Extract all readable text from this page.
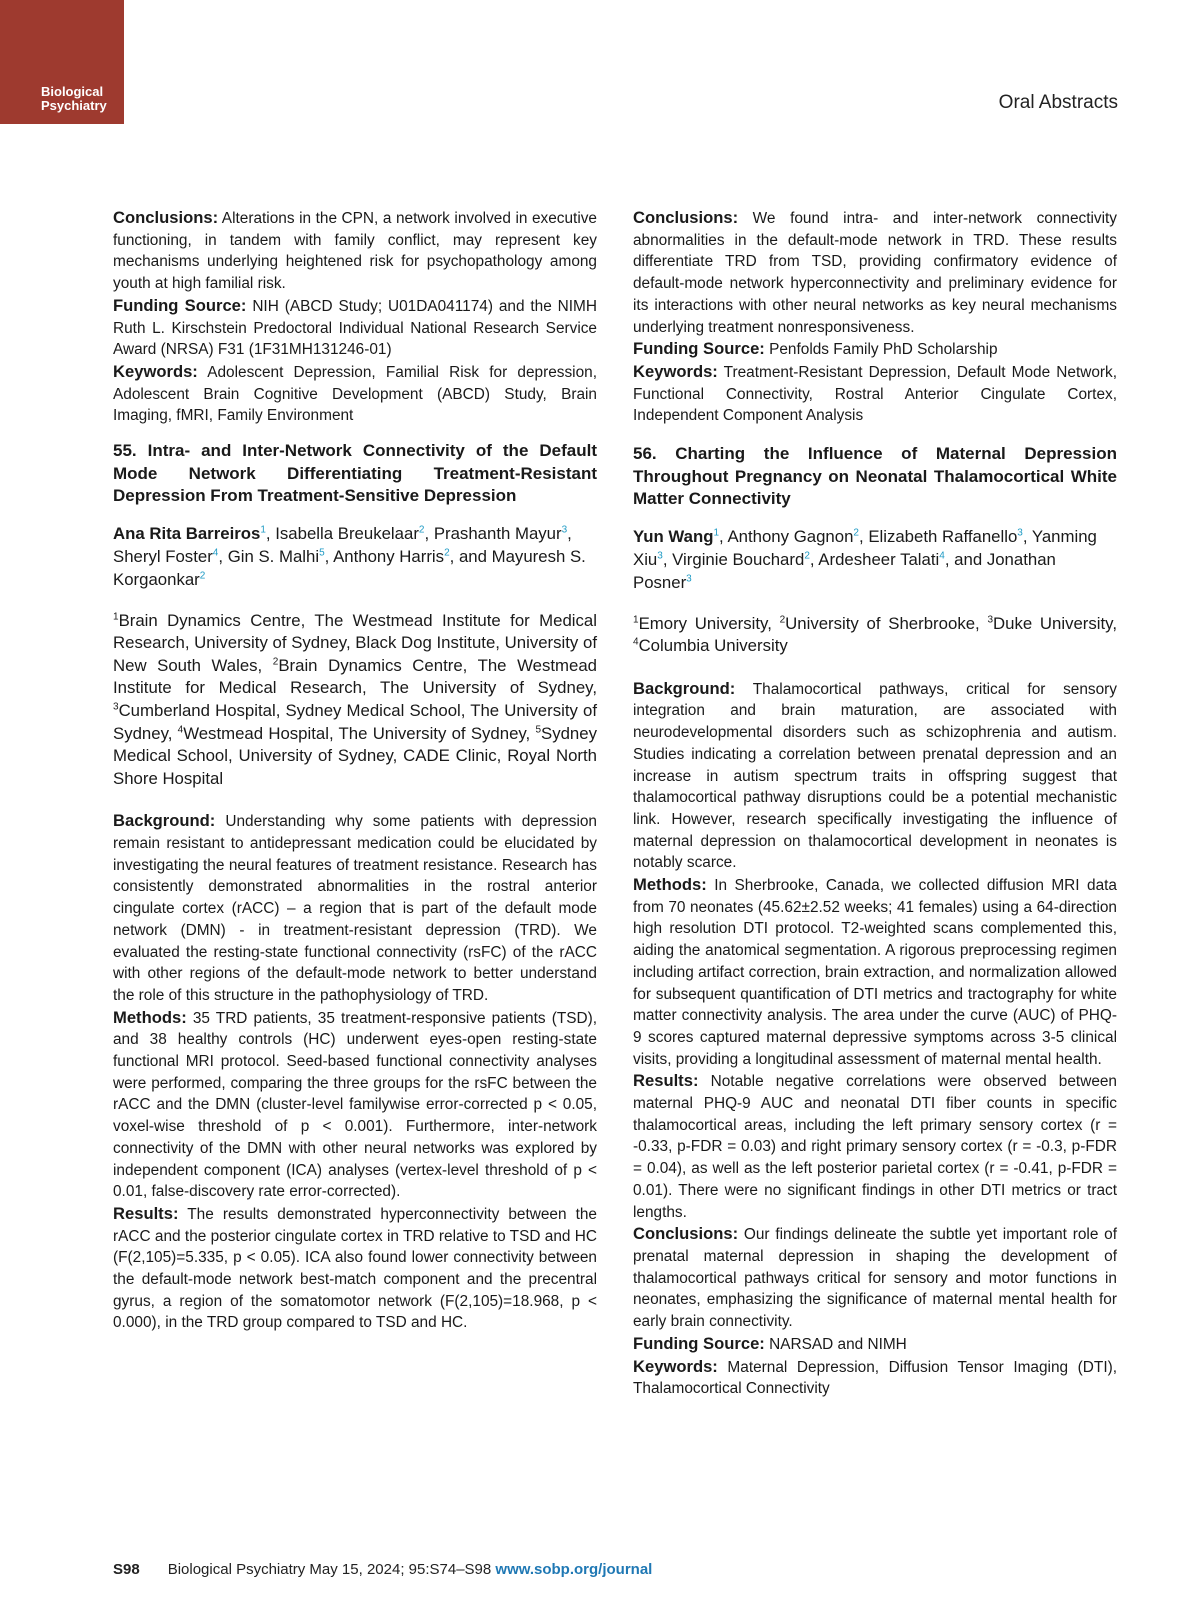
Biological
Psychiatry	Oral Abstracts

Conclusions: Alterations in the CPN, a network involved in executive functioning, in tandem with family conflict, may represent key mechanisms underlying heightened risk for psychopathology among youth at high familial risk.

Funding Source: NIH (ABCD Study; U01DA041174) and the NIMH Ruth L. Kirschstein Predoctoral Individual National Research Service Award (NRSA) F31 (1F31MH131246-01)

Keywords: Adolescent Depression, Familial Risk for depression, Adolescent Brain Cognitive Development (ABCD) Study, Brain Imaging, fMRI, Family Environment

55. Intra- and Inter-Network Connectivity of the Default Mode Network Differentiating Treatment-Resistant Depression From Treatment-Sensitive Depression

Ana Rita Barreiros$^1$, Isabella Breukelaar$^2$, Prashanth Mayur$^3$, Sheryl Foster$^4$, Gin S. Malhi$^5$, Anthony Harris$^2$, and Mayuresh S. Korgaonkar$^2$

$^1$Brain Dynamics Centre, The Westmead Institute for Medical Research, University of Sydney, Black Dog Institute, University of New South Wales, $^2$Brain Dynamics Centre, The Westmead Institute for Medical Research, The University of Sydney, $^3$Cumberland Hospital, Sydney Medical School, The University of Sydney, $^4$Westmead Hospital, The University of Sydney, $^5$Sydney Medical School, University of Sydney, CADE Clinic, Royal North Shore Hospital

Background: Understanding why some patients with depression remain resistant to antidepressant medication could be elucidated by investigating the neural features of treatment resistance. Research has consistently demonstrated abnormalities in the rostral anterior cingulate cortex (rACC) – a region that is part of the default mode network (DMN) - in treatment-resistant depression (TRD). We evaluated the resting-state functional connectivity (rsFC) of the rACC with other regions of the default-mode network to better understand the role of this structure in the pathophysiology of TRD.

Methods: 35 TRD patients, 35 treatment-responsive patients (TSD), and 38 healthy controls (HC) underwent eyes-open resting-state functional MRI protocol. Seed-based functional connectivity analyses were performed, comparing the three groups for the rsFC between the rACC and the DMN (cluster-level familywise error-corrected p < 0.05, voxel-wise threshold of p < 0.001). Furthermore, inter-network connectivity of the DMN with other neural networks was explored by independent component (ICA) analyses (vertex-level threshold of p < 0.01, false-discovery rate error-corrected).

Results: The results demonstrated hyperconnectivity between the rACC and the posterior cingulate cortex in TRD relative to TSD and HC (F(2,105)=5.335, p < 0.05). ICA also found lower connectivity between the default-mode network best-match component and the precentral gyrus, a region of the somatomotor network (F(2,105)=18.968, p < 0.000), in the TRD group compared to TSD and HC.

Conclusions: We found intra- and inter-network connectivity abnormalities in the default-mode network in TRD. These results differentiate TRD from TSD, providing confirmatory evidence of default-mode network hyperconnectivity and preliminary evidence for its interactions with other neural networks as key neural mechanisms underlying treatment nonresponsiveness.

Funding Source: Penfolds Family PhD Scholarship

Keywords: Treatment-Resistant Depression, Default Mode Network, Functional Connectivity, Rostral Anterior Cingulate Cortex, Independent Component Analysis

56. Charting the Influence of Maternal Depression Throughout Pregnancy on Neonatal Thalamocortical White Matter Connectivity

Yun Wang$^1$, Anthony Gagnon$^2$, Elizabeth Raffanello$^3$, Yanming Xiu$^3$, Virginie Bouchard$^2$, Ardesheer Talati$^4$, and Jonathan Posner$^3$

$^1$Emory University, $^2$University of Sherbrooke, $^3$Duke University, $^4$Columbia University

Background: Thalamocortical pathways, critical for sensory integration and brain maturation, are associated with neurodevelopmental disorders such as schizophrenia and autism. Studies indicating a correlation between prenatal depression and an increase in autism spectrum traits in offspring suggest that thalamocortical pathway disruptions could be a potential mechanistic link. However, research specifically investigating the influence of maternal depression on thalamocortical development in neonates is notably scarce.

Methods: In Sherbrooke, Canada, we collected diffusion MRI data from 70 neonates (45.62±2.52 weeks; 41 females) using a 64-direction high resolution DTI protocol. T2-weighted scans complemented this, aiding the anatomical segmentation. A rigorous preprocessing regimen including artifact correction, brain extraction, and normalization allowed for subsequent quantification of DTI metrics and tractography for white matter connectivity analysis. The area under the curve (AUC) of PHQ-9 scores captured maternal depressive symptoms across 3-5 clinical visits, providing a longitudinal assessment of maternal mental health.

Results: Notable negative correlations were observed between maternal PHQ-9 AUC and neonatal DTI fiber counts in specific thalamocortical areas, including the left primary sensory cortex (r = -0.33, p-FDR = 0.03) and right primary sensory cortex (r = -0.3, p-FDR = 0.04), as well as the left posterior parietal cortex (r = -0.41, p-FDR = 0.01). There were no significant findings in other DTI metrics or tract lengths.

Conclusions: Our findings delineate the subtle yet important role of prenatal maternal depression in shaping the development of thalamocortical pathways critical for sensory and motor functions in neonates, emphasizing the significance of maternal mental health for early brain connectivity.

Funding Source: NARSAD and NIMH

Keywords: Maternal Depression, Diffusion Tensor Imaging (DTI), Thalamocortical Connectivity

S98 Biological Psychiatry May 15, 2024; 95:S74–S98 www.sobp.org/journal
